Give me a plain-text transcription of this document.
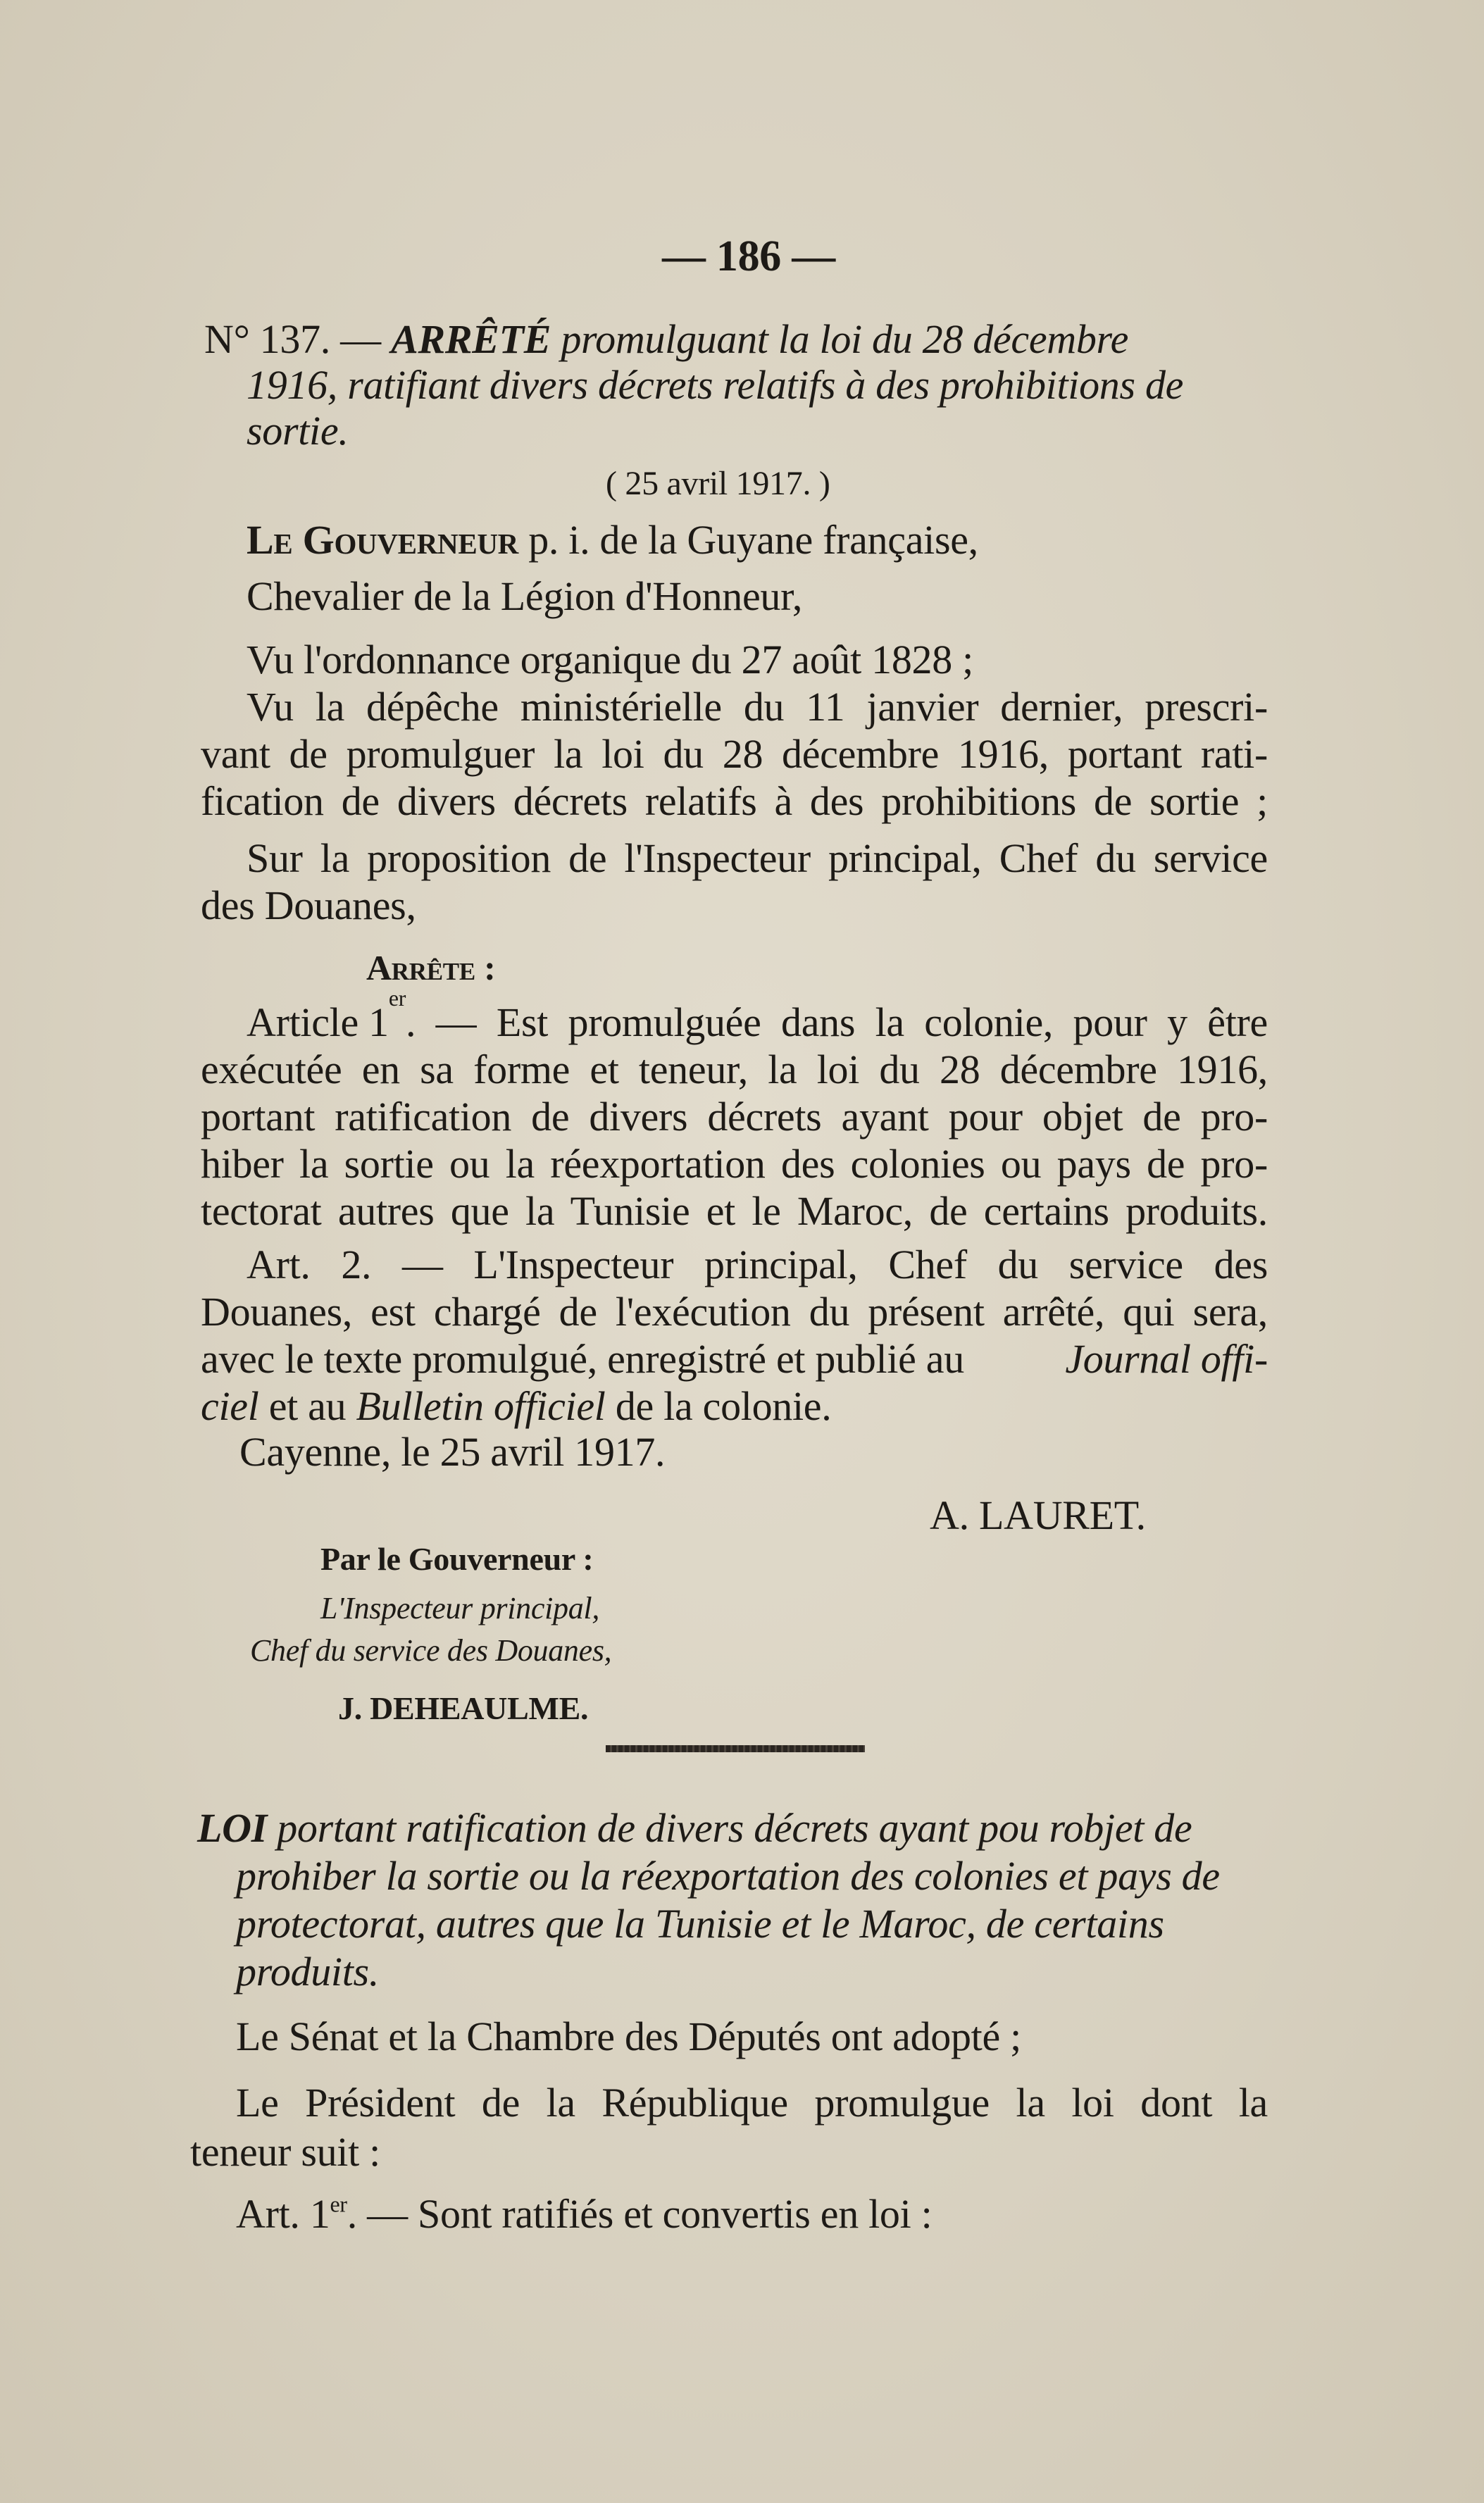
— 186 —
N° 137. — ARRÊTÉ promulguant la loi du 28 décembre
1916, ratifiant divers décrets relatifs à des prohibitions de
sortie.
( 25 avril 1917. )
Le Gouverneur p. i. de la Guyane française,
Chevalier de la Légion d'Honneur,
Vu l'ordonnance organique du 27 août 1828 ;
Vu la dépêche ministérielle du 11 janvier dernier, prescri-
vant de promulguer la loi du 28 décembre 1916, portant rati-
fication de divers décrets relatifs à des prohibitions de sortie ;
Sur la proposition de l'Inspecteur principal, Chef du service
des Douanes,
Arrête :
Article 1
er
. — Est promulguée dans la colonie, pour y être
exécutée en sa forme et teneur, la loi du 28 décembre 1916,
portant ratification de divers décrets ayant pour objet de pro-
hiber la sortie ou la réexportation des colonies ou pays de pro-
tectorat autres que la Tunisie et le Maroc, de certains produits.
Art. 2. — L'Inspecteur principal, Chef du service des
Douanes, est chargé de l'exécution du présent arrêté, qui sera,
avec le texte promulgué, enregistré et publié au Journal offi-
ciel et au Bulletin officiel de la colonie.
Cayenne, le 25 avril 1917.
A. LAURET.
Par le Gouverneur :
L'Inspecteur principal,
Chef du service des Douanes,
J. DEHEAULME.
LOI portant ratification de divers décrets ayant pou robjet de
prohiber la sortie ou la réexportation des colonies et pays de
protectorat, autres que la Tunisie et le Maroc, de certains
produits.
Le Sénat et la Chambre des Députés ont adopté ;
Le Président de la République promulgue la loi dont la
teneur suit :
Art. 1er. — Sont ratifiés et convertis en loi :
